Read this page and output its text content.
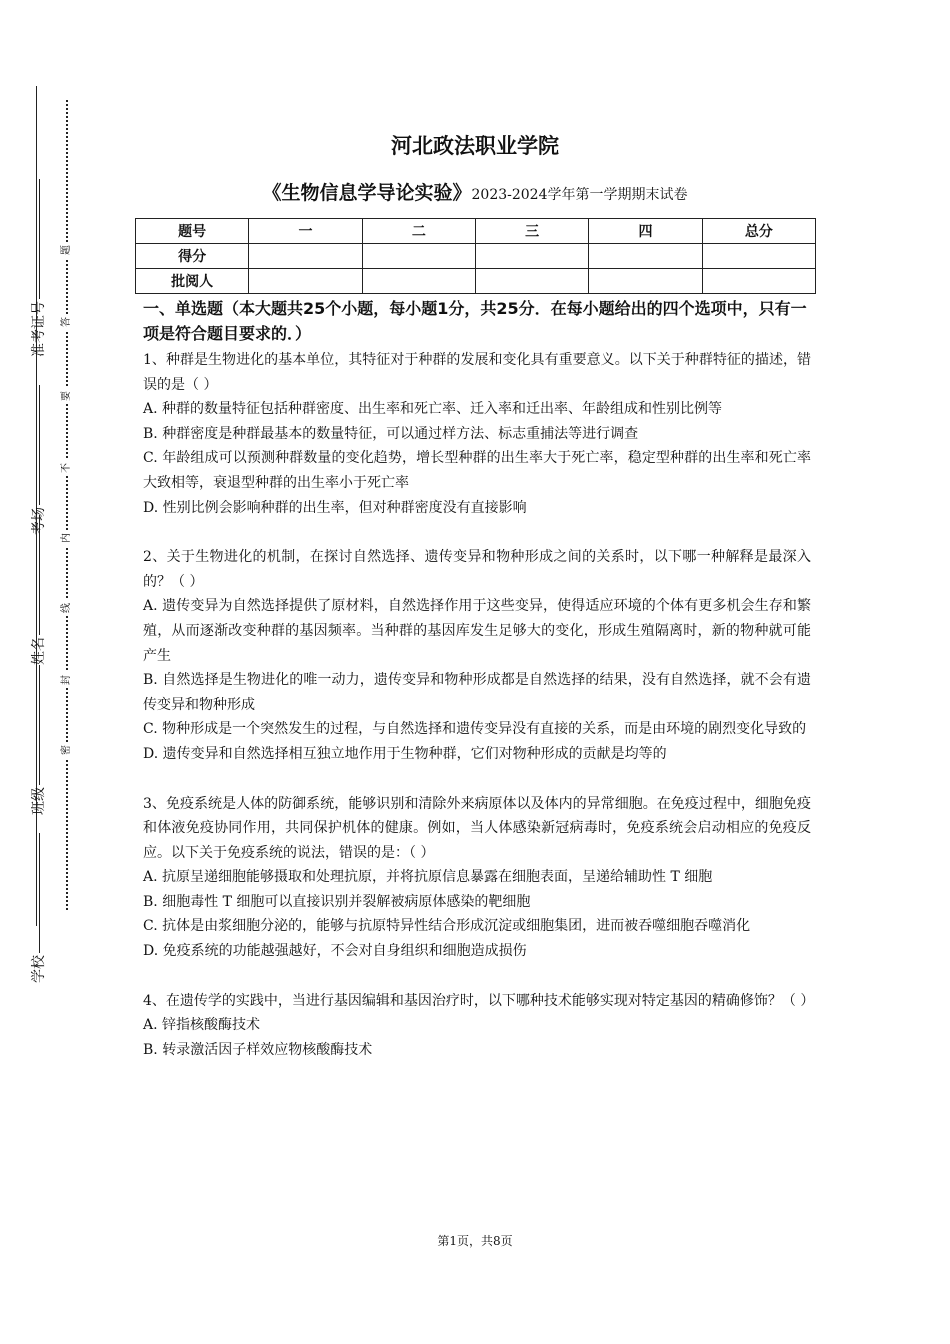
准考证号
考场
姓名
班级
学校
题
答
要
不
内
线
封
密
河北政法职业学院
《生物信息学导论实验》2023-2024学年第一学期期末试卷
题号	一	二	三	四	总分
得分					
批阅人					
一、单选题（本大题共25个小题，每小题1分，共25分．在每小题给出的四个选项中，只有一项是符合题目要求的．）

1、种群是生物进化的基本单位，其特征对于种群的发展和变化具有重要意义。以下关于种群特征的描述，错误的是（ ）

A. 种群的数量特征包括种群密度、出生率和死亡率、迁入率和迁出率、年龄组成和性别比例等

B. 种群密度是种群最基本的数量特征，可以通过样方法、标志重捕法等进行调查

C. 年龄组成可以预测种群数量的变化趋势，增长型种群的出生率大于死亡率，稳定型种群的出生率和死亡率大致相等，衰退型种群的出生率小于死亡率

D. 性别比例会影响种群的出生率，但对种群密度没有直接影响

2、关于生物进化的机制，在探讨自然选择、遗传变异和物种形成之间的关系时，以下哪一种解释是最深入的？（ ）

A. 遗传变异为自然选择提供了原材料，自然选择作用于这些变异，使得适应环境的个体有更多机会生存和繁殖，从而逐渐改变种群的基因频率。当种群的基因库发生足够大的变化，形成生殖隔离时，新的物种就可能产生

B. 自然选择是生物进化的唯一动力，遗传变异和物种形成都是自然选择的结果，没有自然选择，就不会有遗传变异和物种形成

C. 物种形成是一个突然发生的过程，与自然选择和遗传变异没有直接的关系，而是由环境的剧烈变化导致的

D. 遗传变异和自然选择相互独立地作用于生物种群，它们对物种形成的贡献是均等的

3、免疫系统是人体的防御系统，能够识别和清除外来病原体以及体内的异常细胞。在免疫过程中，细胞免疫和体液免疫协同作用，共同保护机体的健康。例如，当人体感染新冠病毒时，免疫系统会启动相应的免疫反应。以下关于免疫系统的说法，错误的是：（ ）

A. 抗原呈递细胞能够摄取和处理抗原，并将抗原信息暴露在细胞表面，呈递给辅助性 T 细胞

B. 细胞毒性 T 细胞可以直接识别并裂解被病原体感染的靶细胞

C. 抗体是由浆细胞分泌的，能够与抗原特异性结合形成沉淀或细胞集团，进而被吞噬细胞吞噬消化

D. 免疫系统的功能越强越好，不会对自身组织和细胞造成损伤

4、在遗传学的实践中，当进行基因编辑和基因治疗时，以下哪种技术能够实现对特定基因的精确修饰？（ ）

A. 锌指核酸酶技术

B. 转录激活因子样效应物核酸酶技术

第1页，共8页
